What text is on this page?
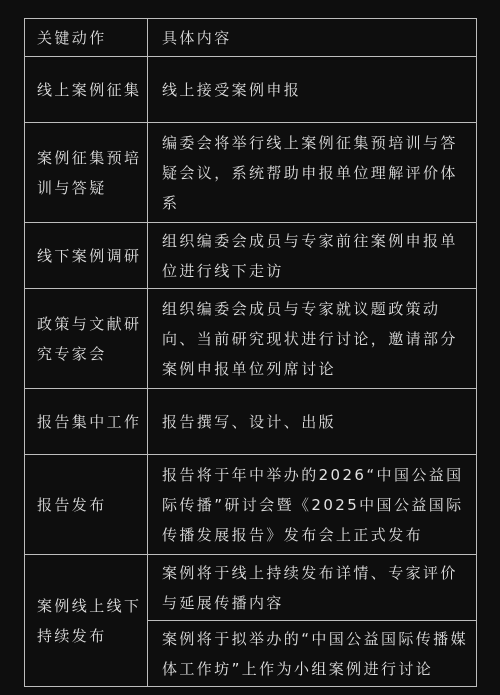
关键动作	具体内容
线上案例征集	线上接受案例申报
案例征集预培训与答疑	编委会将举行线上案例征集预培训与答疑会议，系统帮助申报单位理解评价体系
线下案例调研	组织编委会成员与专家前往案例申报单位进行线下走访
政策与文献研究专家会	组织编委会成员与专家就议题政策动向、当前研究现状进行讨论，邀请部分案例申报单位列席讨论
报告集中工作	报告撰写、设计、出版
报告发布	报告将于年中举办的2026“中国公益国际传播”研讨会暨《2025中国公益国际传播发展报告》发布会上正式发布
案例线上线下持续发布	案例将于线上持续发布详情、专家评价与延展传播内容
	案例将于拟举办的“中国公益国际传播媒体工作坊”上作为小组案例进行讨论
